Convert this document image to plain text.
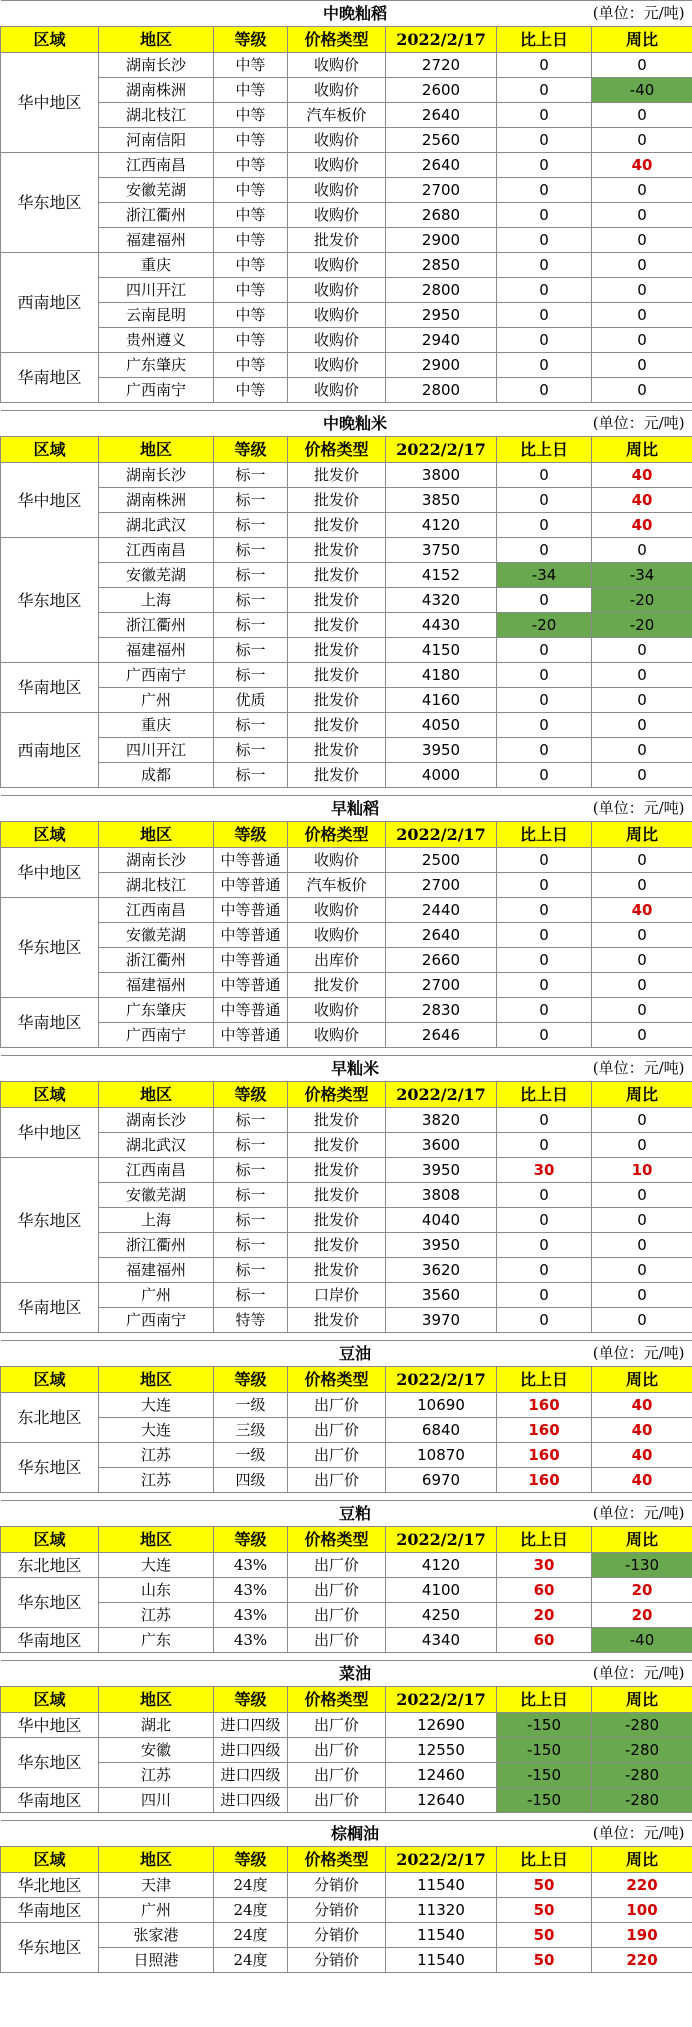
		中晚籼稻			(单位：元/吨)	
区域	地区	等级	价格类型	2022/2/17	比上日	周比
华中地区	湖南长沙	中等	收购价	2720	0	0
	湖南株洲	中等	收购价	2600	0	-40
	湖北枝江	中等	汽车板价	2640	0	0
	河南信阳	中等	收购价	2560	0	0
华东地区	江西南昌	中等	收购价	2640	0	40
	安徽芜湖	中等	收购价	2700	0	0
	浙江衢州	中等	收购价	2680	0	0
	福建福州	中等	批发价	2900	0	0
西南地区	重庆	中等	收购价	2850	0	0
	四川开江	中等	收购价	2800	0	0
	云南昆明	中等	收购价	2950	0	0
	贵州遵义	中等	收购价	2940	0	0
华南地区	广东肇庆	中等	收购价	2900	0	0
	广西南宁	中等	收购价	2800	0	0
		中晚籼米			(单位：元/吨)	
区域	地区	等级	价格类型	2022/2/17	比上日	周比
华中地区	湖南长沙	标一	批发价	3800	0	40
	湖南株洲	标一	批发价	3850	0	40
	湖北武汉	标一	批发价	4120	0	40
华东地区	江西南昌	标一	批发价	3750	0	0
	安徽芜湖	标一	批发价	4152	-34	-34
	上海	标一	批发价	4320	0	-20
	浙江衢州	标一	批发价	4430	-20	-20
	福建福州	标一	批发价	4150	0	0
华南地区	广西南宁	标一	批发价	4180	0	0
	广州	优质	批发价	4160	0	0
西南地区	重庆	标一	批发价	4050	0	0
	四川开江	标一	批发价	3950	0	0
	成都	标一	批发价	4000	0	0
		早籼稻			(单位：元/吨)	
区域	地区	等级	价格类型	2022/2/17	比上日	周比
华中地区	湖南长沙	中等普通	收购价	2500	0	0
	湖北枝江	中等普通	汽车板价	2700	0	0
华东地区	江西南昌	中等普通	收购价	2440	0	40
	安徽芜湖	中等普通	收购价	2640	0	0
	浙江衢州	中等普通	出库价	2660	0	0
	福建福州	中等普通	批发价	2700	0	0
华南地区	广东肇庆	中等普通	收购价	2830	0	0
	广西南宁	中等普通	收购价	2646	0	0
		早籼米			(单位：元/吨)	
区域	地区	等级	价格类型	2022/2/17	比上日	周比
华中地区	湖南长沙	标一	批发价	3820	0	0
	湖北武汉	标一	批发价	3600	0	0
华东地区	江西南昌	标一	批发价	3950	30	10
	安徽芜湖	标一	批发价	3808	0	0
	上海	标一	批发价	4040	0	0
	浙江衢州	标一	批发价	3950	0	0
	福建福州	标一	批发价	3620	0	0
华南地区	广州	标一	口岸价	3560	0	0
	广西南宁	特等	批发价	3970	0	0
		豆油			(单位：元/吨)	
区域	地区	等级	价格类型	2022/2/17	比上日	周比
东北地区	大连	一级	出厂价	10690	160	40
	大连	三级	出厂价	6840	160	40
华东地区	江苏	一级	出厂价	10870	160	40
	江苏	四级	出厂价	6970	160	40
		豆粕			(单位：元/吨)	
区域	地区	等级	价格类型	2022/2/17	比上日	周比
东北地区	大连	43%	出厂价	4120	30	-130
华东地区	山东	43%	出厂价	4100	60	20
	江苏	43%	出厂价	4250	20	20
华南地区	广东	43%	出厂价	4340	60	-40
		菜油			(单位：元/吨)	
区域	地区	等级	价格类型	2022/2/17	比上日	周比
华中地区	湖北	进口四级	出厂价	12690	-150	-280
华东地区	安徽	进口四级	出厂价	12550	-150	-280
	江苏	进口四级	出厂价	12460	-150	-280
华南地区	四川	进口四级	出厂价	12640	-150	-280
		棕榈油			(单位：元/吨)	
区域	地区	等级	价格类型	2022/2/17	比上日	周比
华北地区	天津	24度	分销价	11540	50	220
华南地区	广州	24度	分销价	11320	50	100
华东地区	张家港	24度	分销价	11540	50	190
	日照港	24度	分销价	11540	50	220
